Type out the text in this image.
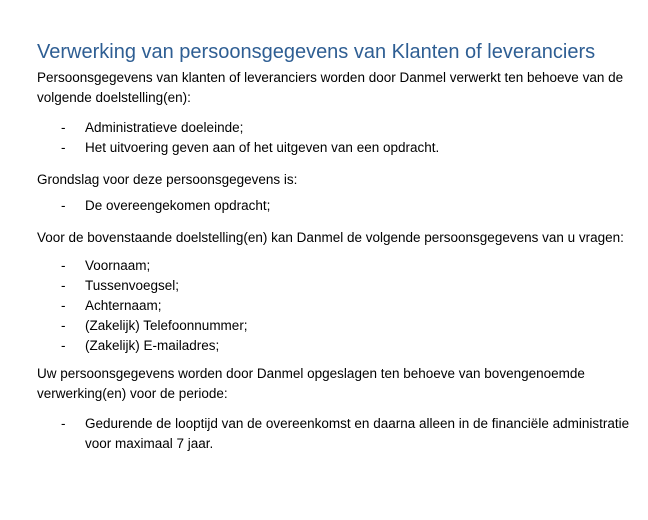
Verwerking van persoonsgegevens van Klanten of leveranciers

Persoonsgegevens van klanten of leveranciers worden door Danmel verwerkt ten behoeve van de volgende doelstelling(en):

- Administratieve doeleinde;
- Het uitvoering geven aan of het uitgeven van een opdracht.

Grondslag voor deze persoonsgegevens is:

- De overeengekomen opdracht;

Voor de bovenstaande doelstelling(en) kan Danmel de volgende persoonsgegevens van u vragen:

- Voornaam;
- Tussenvoegsel;
- Achternaam;
- (Zakelijk) Telefoonnummer;
- (Zakelijk) E-mailadres;

Uw persoonsgegevens worden door Danmel opgeslagen ten behoeve van bovengenoemde verwerking(en) voor de periode:

- Gedurende de looptijd van de overeenkomst en daarna alleen in de financiële administratie voor maximaal 7 jaar.
